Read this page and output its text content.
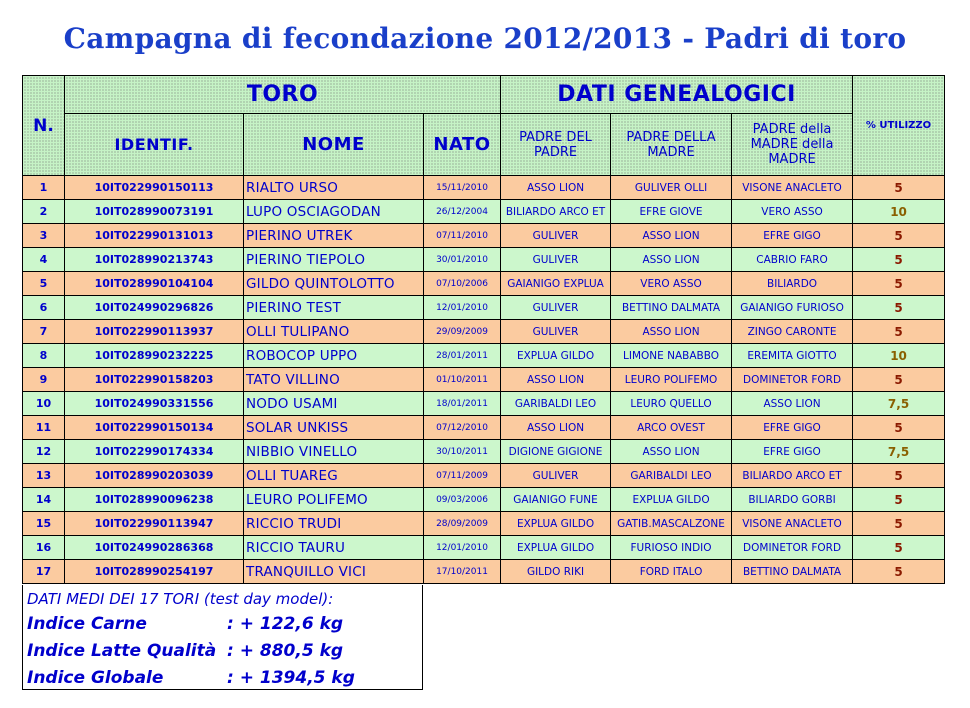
Campagna di fecondazione 2012/2013 - Padri di toro
N.	TORO			DATI GENEALOGICI			% UTILIZZO
	IDENTIF.	NOME	NATO	PADRE DEL PADRE	PADRE DELLA MADRE	PADRE della MADRE della MADRE	
1	10IT022990150113	RIALTO URSO	15/11/2010	ASSO LION	GULIVER OLLI	VISONE ANACLETO	5
2	10IT028990073191	LUPO OSCIAGODAN	26/12/2004	BILIARDO ARCO ET	EFRE GIOVE	VERO ASSO	10
3	10IT022990131013	PIERINO UTREK	07/11/2010	GULIVER	ASSO LION	EFRE GIGO	5
4	10IT028990213743	PIERINO TIEPOLO	30/01/2010	GULIVER	ASSO LION	CABRIO FARO	5
5	10IT028990104104	GILDO QUINTOLOTTO	07/10/2006	GAIANIGO EXPLUA	VERO ASSO	BILIARDO	5
6	10IT024990296826	PIERINO TEST	12/01/2010	GULIVER	BETTINO DALMATA	GAIANIGO FURIOSO	5
7	10IT022990113937	OLLI TULIPANO	29/09/2009	GULIVER	ASSO LION	ZINGO CARONTE	5
8	10IT028990232225	ROBOCOP UPPO	28/01/2011	EXPLUA GILDO	LIMONE NABABBO	EREMITA GIOTTO	10
9	10IT022990158203	TATO VILLINO	01/10/2011	ASSO LION	LEURO POLIFEMO	DOMINETOR FORD	5
10	10IT024990331556	NODO USAMI	18/01/2011	GARIBALDI LEO	LEURO QUELLO	ASSO LION	7,5
11	10IT022990150134	SOLAR UNKISS	07/12/2010	ASSO LION	ARCO OVEST	EFRE GIGO	5
12	10IT022990174334	NIBBIO VINELLO	30/10/2011	DIGIONE GIGIONE	ASSO LION	EFRE GIGO	7,5
13	10IT028990203039	OLLI TUAREG	07/11/2009	GULIVER	GARIBALDI LEO	BILIARDO ARCO ET	5
14	10IT028990096238	LEURO POLIFEMO	09/03/2006	GAIANIGO FUNE	EXPLUA GILDO	BILIARDO GORBI	5
15	10IT022990113947	RICCIO TRUDI	28/09/2009	EXPLUA GILDO	GATIB.MASCALZONE	VISONE ANACLETO	5
16	10IT024990286368	RICCIO TAURU	12/01/2010	EXPLUA GILDO	FURIOSO INDIO	DOMINETOR FORD	5
17	10IT028990254197	TRANQUILLO VICI	17/10/2011	GILDO RIKI	FORD ITALO	BETTINO DALMATA	5
DATI MEDI DEI 17 TORI (test day model):
Indice Carne	: + 122,6 kg
Indice Latte Qualità : + 880,5 kg
Indice Globale	: + 1394,5 kg
